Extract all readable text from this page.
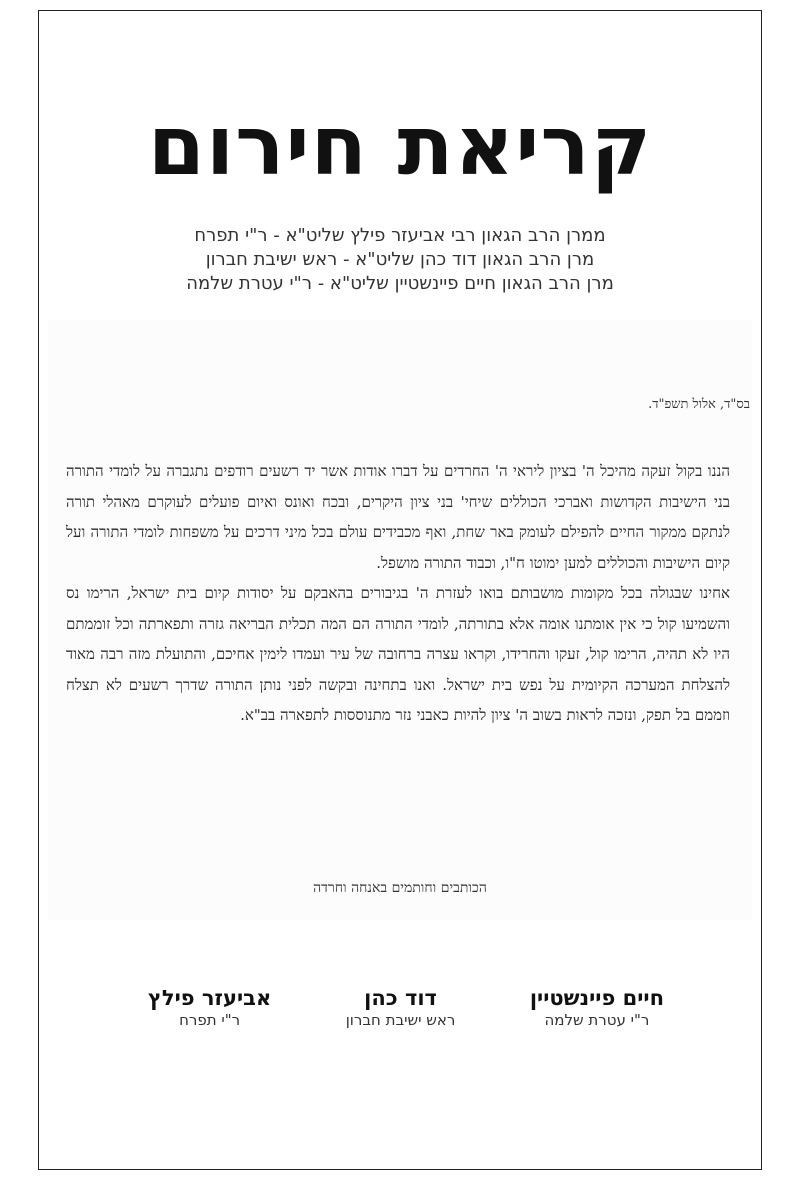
קריאת חירום
ממרן הרב הגאון רבי אביעזר פילץ שליט"א - ר"י תפרח
מרן הרב הגאון דוד כהן שליט"א - ראש ישיבת חברון
מרן הרב הגאון חיים פיינשטיין שליט"א - ר"י עטרת שלמה
בס"ד, אלול תשפ"ד.

הננו בקול זעקה מהיכל ה' בציון ליראי ה' החרדים על דברו אודות אשר יד רשעים רודפים נתגברה על לומדי התורה בני הישיבות הקדושות ואברכי הכוללים שיחי' בני ציון היקרים, ובכח ואונס ואיום פועלים לעוקרם מאהלי תורה לנתקם ממקור החיים להפילם לעומק באר שחת, ואף מכבידים עולם בכל מיני דרכים על משפחות לומדי התורה ועל קיום הישיבות והכוללים למען ימוטו ח"ו, וכבוד התורה מושפל.

אחינו שבגולה בכל מקומות מושבותם בואו לעזרת ה' בגיבורים בהאבקם על יסודות קיום בית ישראל, הרימו נס והשמיעו קול כי אין אומתנו אומה אלא בתורתה, לומדי התורה הם המה תכלית הבריאה גזרה ותפארתה וכל זוממתם היו לא תהיה, הרימו קול, זעקו והחרידו, וקראו עצרה ברחובה של עיר ועמדו לימין אחיכם, והתועלת מזה רבה מאוד להצלחת המערכה הקיומית על נפש בית ישראל. ואנו בתחינה ובקשה לפני נותן התורה שדרך רשעים לא תצלח וזממם בל תפק, ונזכה לראות בשוב ה' ציון להיות כאבני נזר מתנוססות לתפארה בב"א.

הכותבים וחותמים באנחה וחרדה
אביעזר פילץ
ר"י תפרח
דוד כהן
ראש ישיבת חברון
חיים פיינשטיין
ר"י עטרת שלמה
